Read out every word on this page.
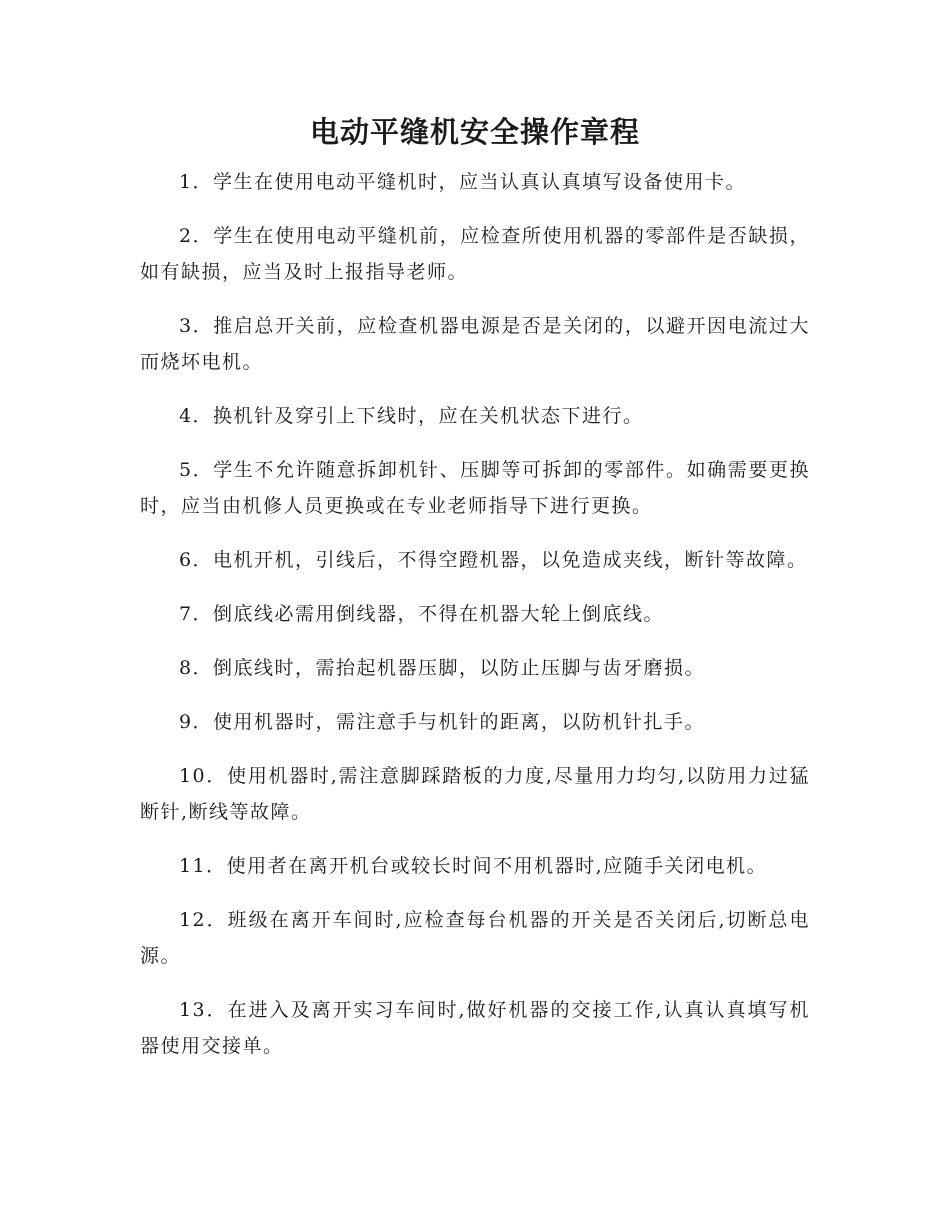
电动平缝机安全操作章程
1．学生在使用电动平缝机时，应当认真认真填写设备使用卡。
2．学生在使用电动平缝机前，应检查所使用机器的零部件是否缺损，如有缺损，应当及时上报指导老师。
3．推启总开关前，应检查机器电源是否是关闭的，以避开因电流过大而烧坏电机。
4．换机针及穿引上下线时，应在关机状态下进行。
5．学生不允许随意拆卸机针、压脚等可拆卸的零部件。如确需要更换时，应当由机修人员更换或在专业老师指导下进行更换。
6．电机开机，引线后，不得空蹬机器，以免造成夹线，断针等故障。
7．倒底线必需用倒线器，不得在机器大轮上倒底线。
8．倒底线时，需抬起机器压脚，以防止压脚与齿牙磨损。
9．使用机器时，需注意手与机针的距离，以防机针扎手。
10．使用机器时,需注意脚踩踏板的力度,尽量用力均匀,以防用力过猛断针,断线等故障。
11．使用者在离开机台或较长时间不用机器时,应随手关闭电机。
12．班级在离开车间时,应检查每台机器的开关是否关闭后,切断总电源。
13．在进入及离开实习车间时,做好机器的交接工作,认真认真填写机器使用交接单。
